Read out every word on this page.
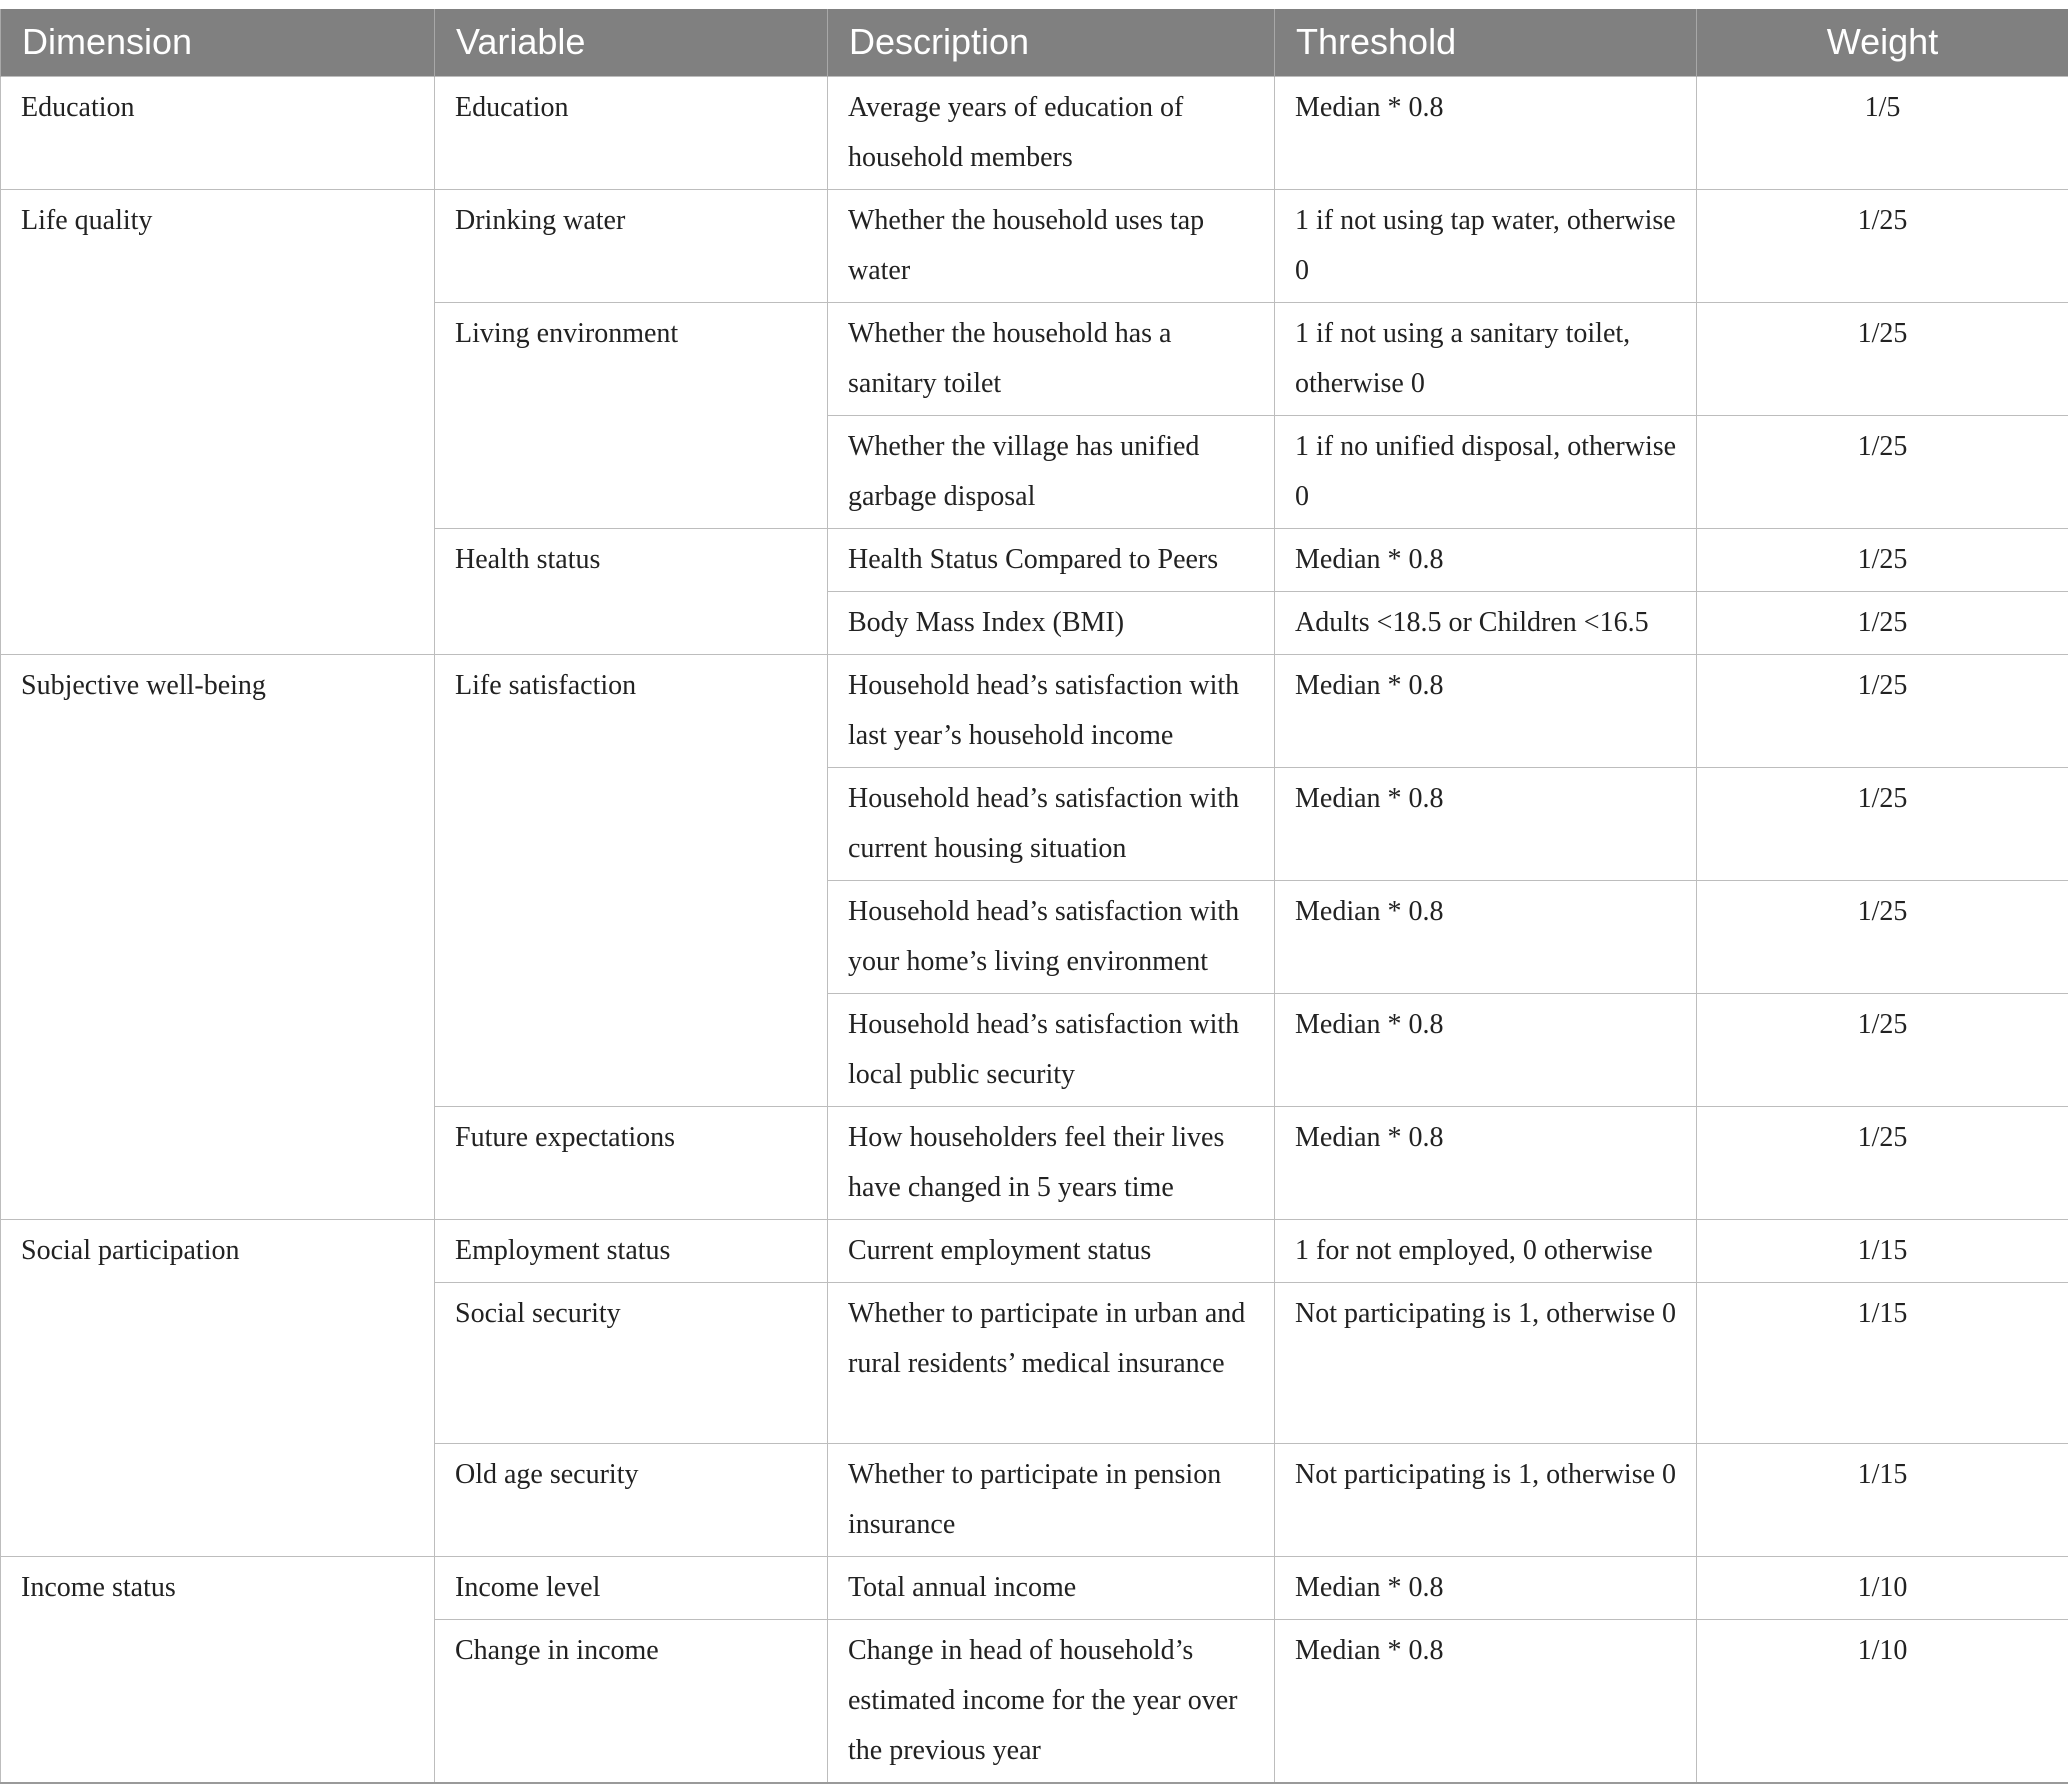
Dimension	Variable	Description	Threshold	Weight
Education	Education	Average years of education of household members	Median * 0.8	1/5
Life quality	Drinking water	Whether the household uses tap water	1 if not using tap water, otherwise 0	1/25
	Living environment	Whether the household has a sanitary toilet	1 if not using a sanitary toilet, otherwise 0	1/25
		Whether the village has unified garbage disposal	1 if no unified disposal, otherwise 0	1/25
	Health status	Health Status Compared to Peers	Median * 0.8	1/25
		Body Mass Index (BMI)	Adults <18.5 or Children <16.5	1/25
Subjective well-being	Life satisfaction	Household head’s satisfaction with last year’s household income	Median * 0.8	1/25
		Household head’s satisfaction with current housing situation	Median * 0.8	1/25
		Household head’s satisfaction with your home’s living environment	Median * 0.8	1/25
		Household head’s satisfaction with local public security	Median * 0.8	1/25
	Future expectations	How householders feel their lives have changed in 5 years time	Median * 0.8	1/25
Social participation	Employment status	Current employment status	1 for not employed, 0 otherwise	1/15
	Social security	Whether to participate in urban and rural residents’ medical insurance	Not participating is 1, otherwise 0	1/15
	Old age security	Whether to participate in pension insurance	Not participating is 1, otherwise 0	1/15
Income status	Income level	Total annual income	Median * 0.8	1/10
	Change in income	Change in head of household’s estimated income for the year over the previous year	Median * 0.8	1/10
